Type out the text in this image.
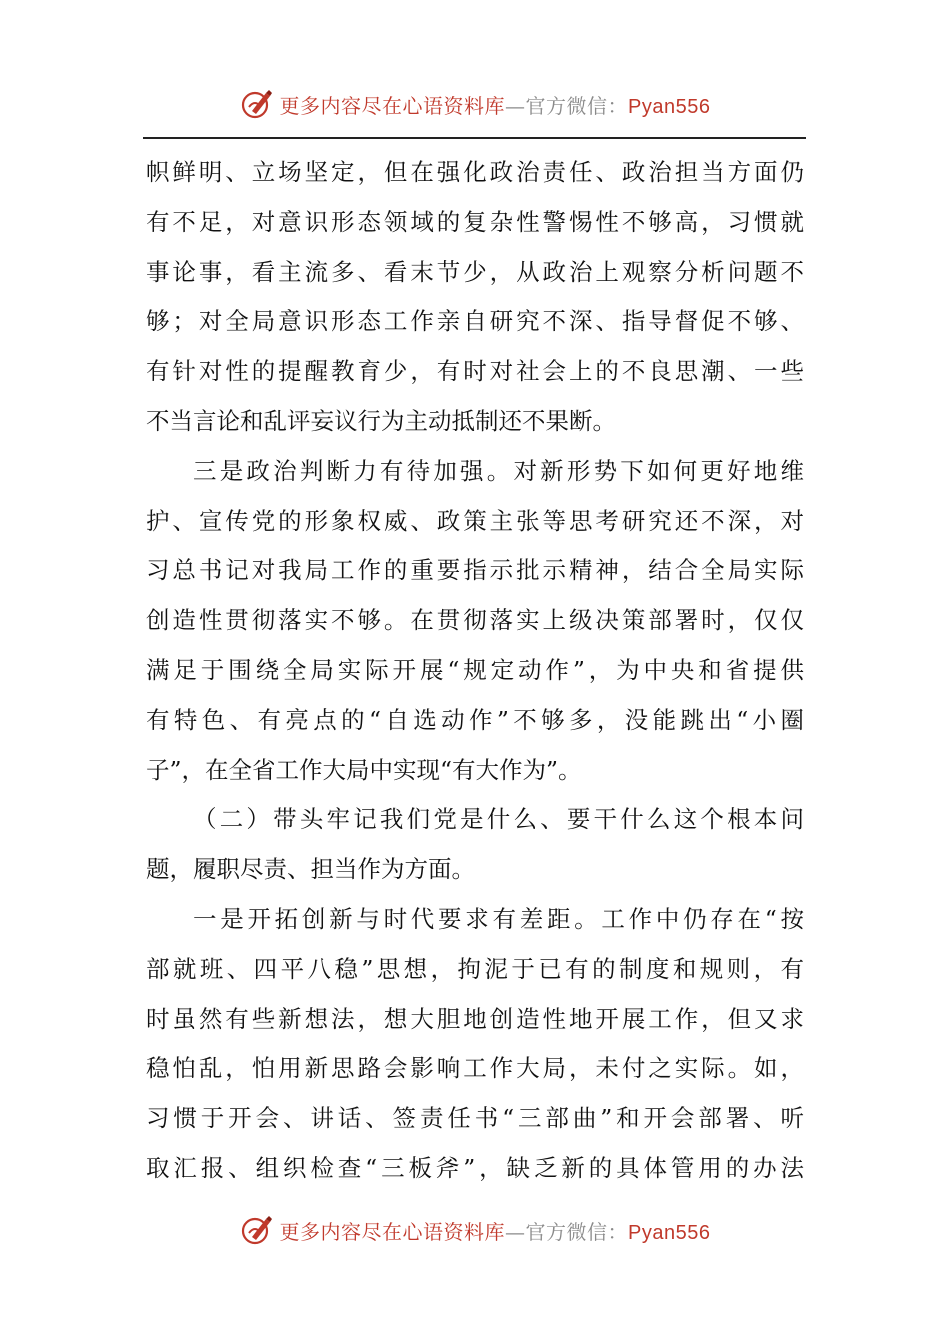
更多内容尽在心语资料库—官方微信：Pyan556
帜鲜明、立场坚定，但在强化政治责任、政治担当方面仍
有不足，对意识形态领域的复杂性警惕性不够高，习惯就
事论事，看主流多、看末节少，从政治上观察分析问题不
够；对全局意识形态工作亲自研究不深、指导督促不够、
有针对性的提醒教育少，有时对社会上的不良思潮、一些
不当言论和乱评妄议行为主动抵制还不果断。
三是政治判断力有待加强。对新形势下如何更好地维
护、宣传党的形象权威、政策主张等思考研究还不深，对
习总书记对我局工作的重要指示批示精神，结合全局实际
创造性贯彻落实不够。在贯彻落实上级决策部署时，仅仅
满足于围绕全局实际开展“规定动作”，为中央和省提供
有特色、有亮点的“自选动作”不够多，没能跳出“小圈
子”，在全省工作大局中实现“有大作为”。
（二）带头牢记我们党是什么、要干什么这个根本问
题，履职尽责、担当作为方面。
一是开拓创新与时代要求有差距。工作中仍存在“按
部就班、四平八稳”思想，拘泥于已有的制度和规则，有
时虽然有些新想法，想大胆地创造性地开展工作，但又求
稳怕乱，怕用新思路会影响工作大局，未付之实际。如，
习惯于开会、讲话、签责任书“三部曲”和开会部署、听
取汇报、组织检查“三板斧”，缺乏新的具体管用的办法
更多内容尽在心语资料库—官方微信：Pyan556
